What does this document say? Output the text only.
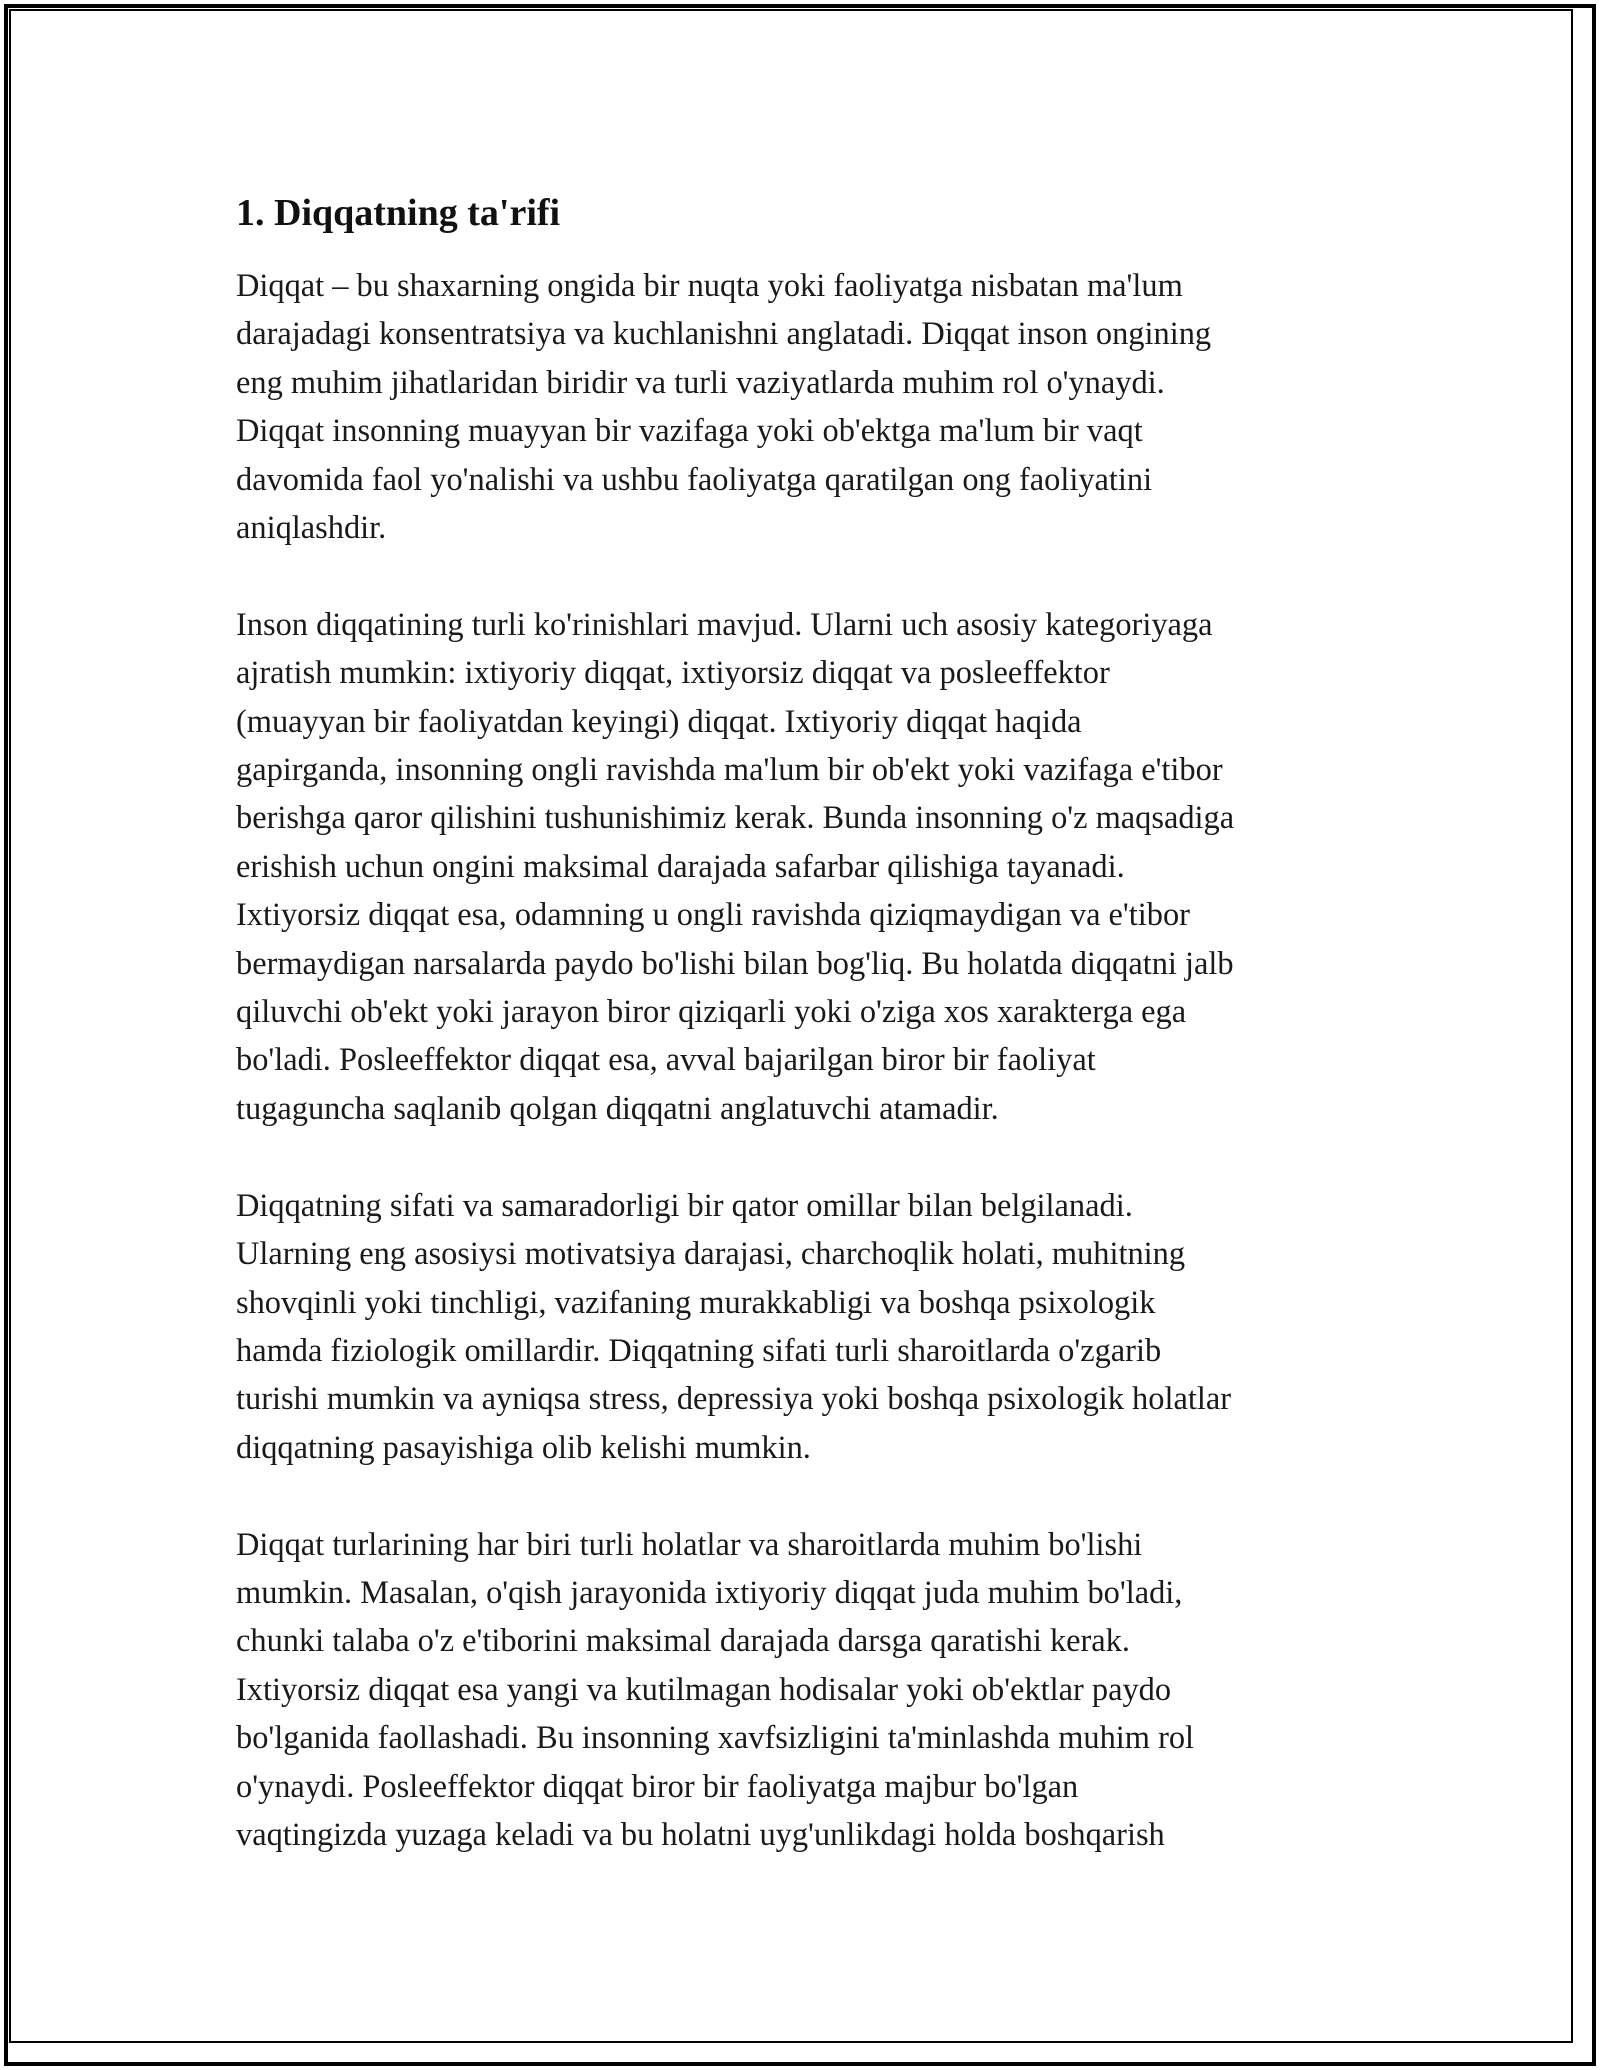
1. Diqqatning ta'rifi

Diqqat – bu shaxarning ongida bir nuqta yoki faoliyatga nisbatan ma'lum
darajadagi konsentratsiya va kuchlanishni anglatadi. Diqqat inson ongining
eng muhim jihatlaridan biridir va turli vaziyatlarda muhim rol o'ynaydi.
Diqqat insonning muayyan bir vazifaga yoki ob'ektga ma'lum bir vaqt
davomida faol yo'nalishi va ushbu faoliyatga qaratilgan ong faoliyatini
aniqlashdir.

Inson diqqatining turli ko'rinishlari mavjud. Ularni uch asosiy kategoriyaga
ajratish mumkin: ixtiyoriy diqqat, ixtiyorsiz diqqat va posleeffektor
(muayyan bir faoliyatdan keyingi) diqqat. Ixtiyoriy diqqat haqida
gapirganda, insonning ongli ravishda ma'lum bir ob'ekt yoki vazifaga e'tibor
berishga qaror qilishini tushunishimiz kerak. Bunda insonning o'z maqsadiga
erishish uchun ongini maksimal darajada safarbar qilishiga tayanadi.
Ixtiyorsiz diqqat esa, odamning u ongli ravishda qiziqmaydigan va e'tibor
bermaydigan narsalarda paydo bo'lishi bilan bog'liq. Bu holatda diqqatni jalb
qiluvchi ob'ekt yoki jarayon biror qiziqarli yoki o'ziga xos xarakterga ega
bo'ladi. Posleeffektor diqqat esa, avval bajarilgan biror bir faoliyat
tugaguncha saqlanib qolgan diqqatni anglatuvchi atamadir.

Diqqatning sifati va samaradorligi bir qator omillar bilan belgilanadi.
Ularning eng asosiysi motivatsiya darajasi, charchoqlik holati, muhitning
shovqinli yoki tinchligi, vazifaning murakkabligi va boshqa psixologik
hamda fiziologik omillardir. Diqqatning sifati turli sharoitlarda o'zgarib
turishi mumkin va ayniqsa stress, depressiya yoki boshqa psixologik holatlar
diqqatning pasayishiga olib kelishi mumkin.

Diqqat turlarining har biri turli holatlar va sharoitlarda muhim bo'lishi
mumkin. Masalan, o'qish jarayonida ixtiyoriy diqqat juda muhim bo'ladi,
chunki talaba o'z e'tiborini maksimal darajada darsga qaratishi kerak.
Ixtiyorsiz diqqat esa yangi va kutilmagan hodisalar yoki ob'ektlar paydo
bo'lganida faollashadi. Bu insonning xavfsizligini ta'minlashda muhim rol
o'ynaydi. Posleeffektor diqqat biror bir faoliyatga majbur bo'lgan
vaqtingizda yuzaga keladi va bu holatni uyg'unlikdagi holda boshqarish
